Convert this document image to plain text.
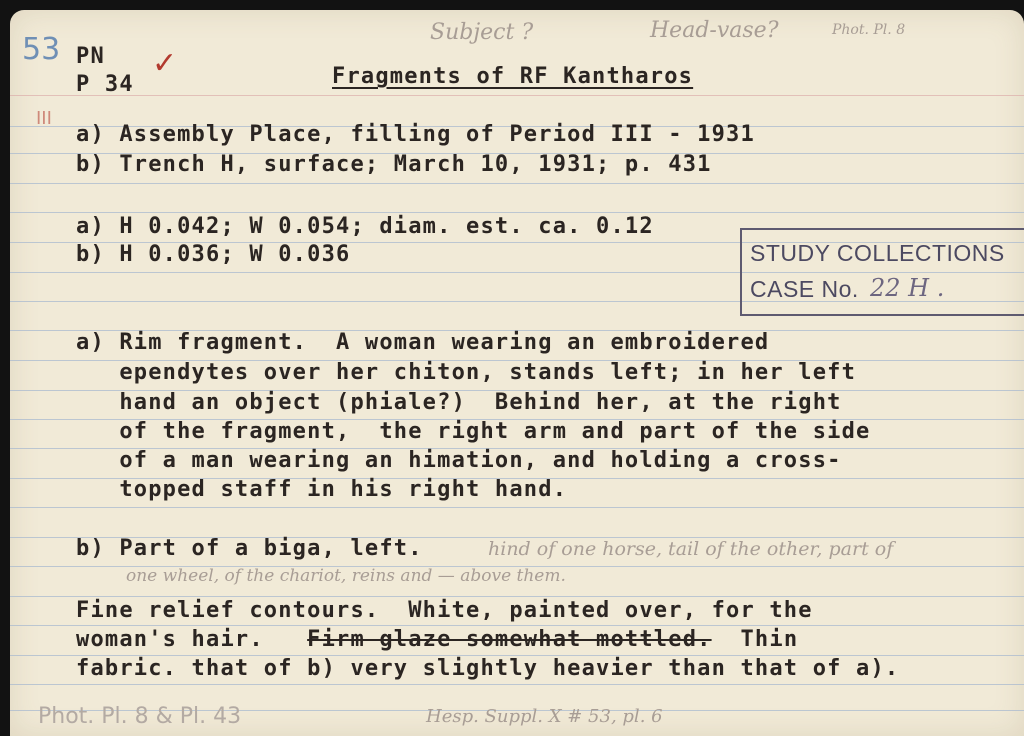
53 PN
P 34
✓	Fragments of RF Kantharos
Subject ?	Head-vase?	Phot. Pl. 8
III
a) Assembly Place, filling of Period III - 1931
b) Trench H, surface; March 10, 1931; p. 431
a) H 0.042; W 0.054; diam. est. ca. 0.12
b) H 0.036; W 0.036	STUDY COLLECTIONS
CASE No. 22 H .
a) Rim fragment.  A woman wearing an embroidered
ependytes over her chiton, stands left; in her left
hand an object (phiale?)  Behind her, at the right
of the fragment,  the right arm and part of the side
of a man wearing an himation, and holding a cross-
topped staff in his right hand.
b) Part of a biga, left.	hind of one horse, tail of the other, part of
one wheel, of the chariot, reins and — above them.
Fine relief contours.  White, painted over, for the
woman's hair.   Firm glaze somewhat mottled.  Thin
fabric. that of b) very slightly heavier than that of a).
Phot. Pl. 8 & Pl. 43	Hesp. Suppl. X # 53, pl. 6
